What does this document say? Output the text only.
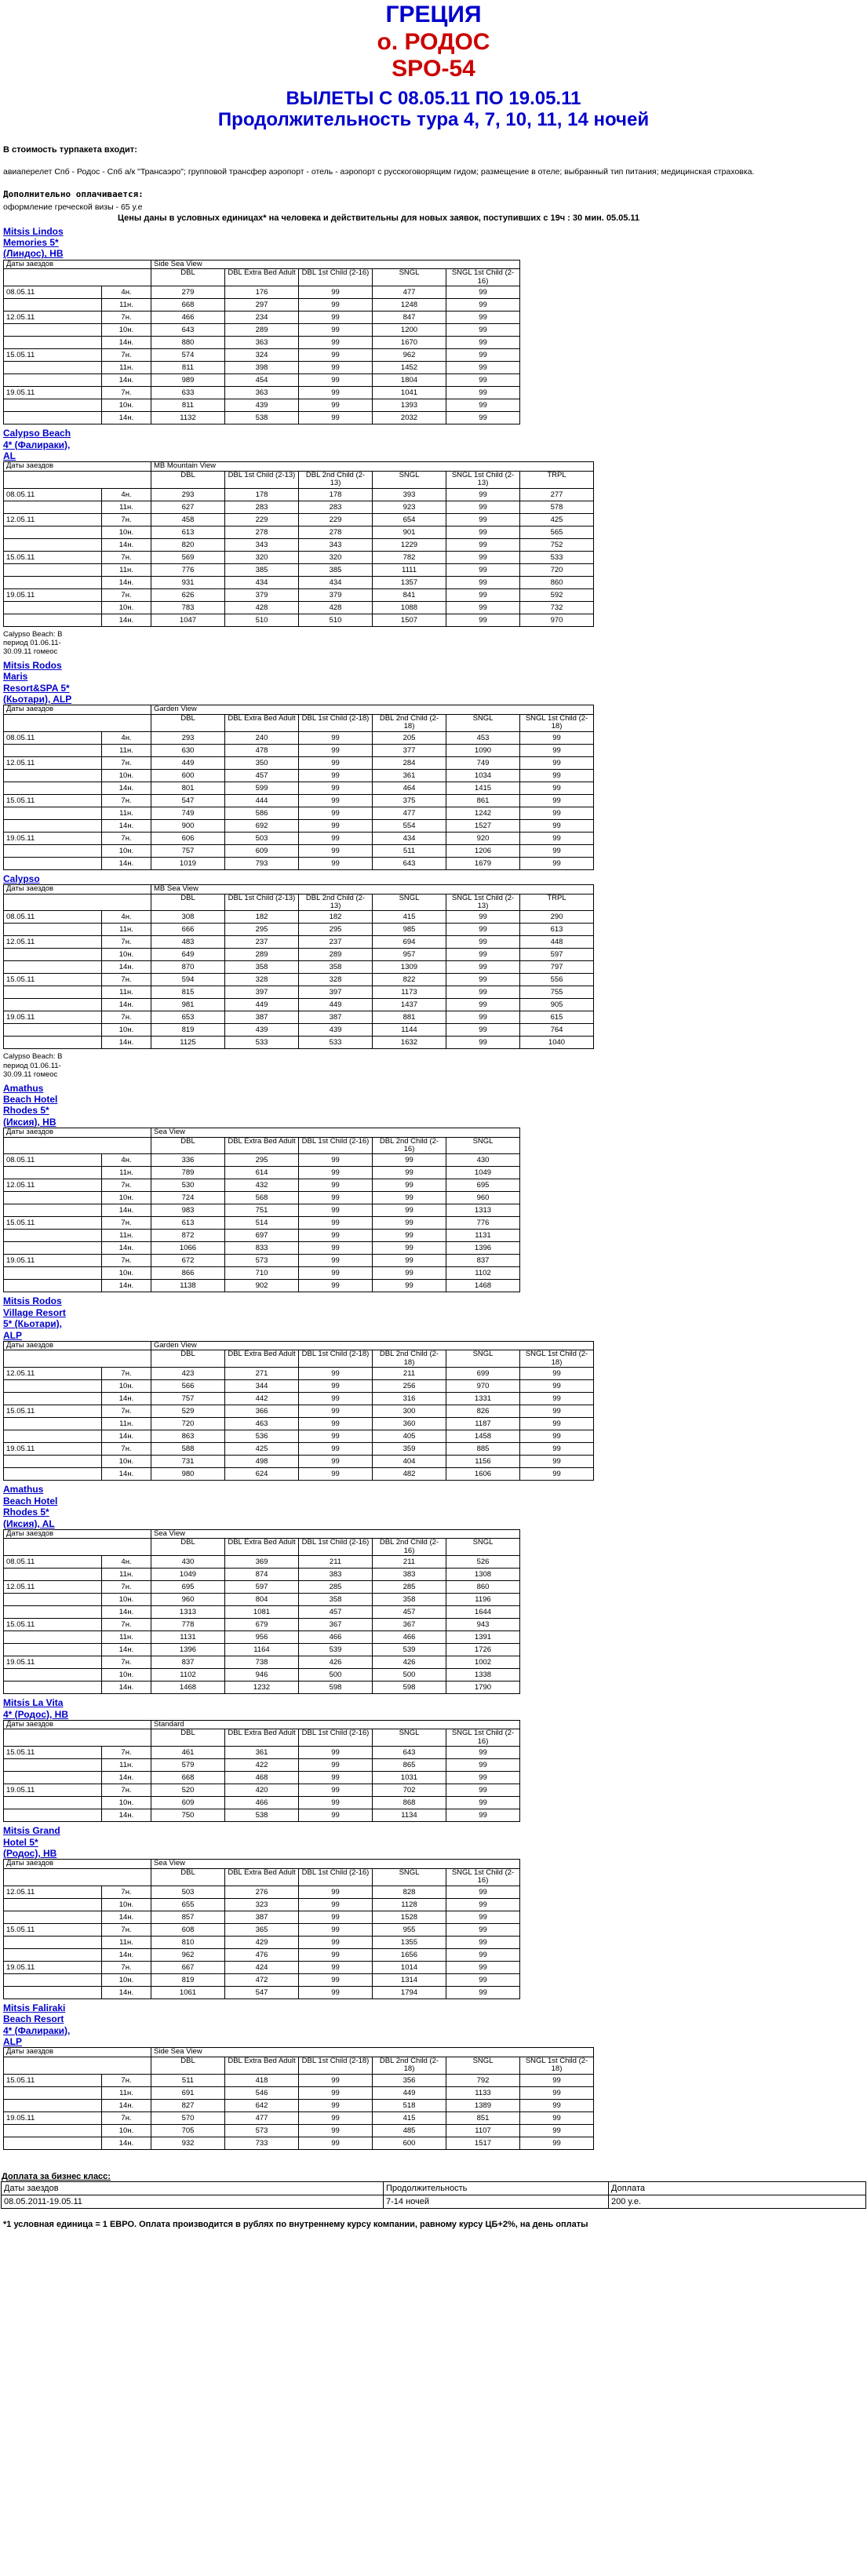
ГРЕЦИЯ
о. РОДОС
SPO-54
ВЫЛЕТЫ С 08.05.11 ПО 19.05.11
Продолжительность тура 4, 7, 10, 11, 14 ночей
В стоимость турпакета входит:
авиаперелет Спб - Родос - Спб а/к "Трансаэро"; групповой трансфер аэропорт - отель - аэропорт с русскоговорящим гидом; размещение в отеле; выбранный тип питания; медицинская страховка.
Дополнительно оплачивается:
оформление греческой визы - 65 у.е
Цены даны в условных единицах* на человека и действительны для новых заявок, поступивших с 19ч : 30 мин. 05.05.11
Mitsis Lindos Memories 5* (Линдос), HB
Даты заездов		Side Sea View				
		DBL	DBL Extra Bed Adult	DBL 1st Child (2-16)	SNGL	SNGL 1st Child (2-16)
08.05.11	4н.	279	176	99	477	99
	11н.	668	297	99	1248	99
12.05.11	7н.	466	234	99	847	99
	10н.	643	289	99	1200	99
	14н.	880	363	99	1670	99
15.05.11	7н.	574	324	99	962	99
	11н.	811	398	99	1452	99
	14н.	989	454	99	1804	99
19.05.11	7н.	633	363	99	1041	99
	10н.	811	439	99	1393	99
	14н.	1132	538	99	2032	99
Calypso Beach 4* (Фалираки), AL
Даты заездов		MB Mountain View					
		DBL	DBL 1st Child (2-13)	DBL 2nd Child (2-13)	SNGL	SNGL 1st Child (2-13)	TRPL
08.05.11	4н.	293	178	178	393	99	277
	11н.	627	283	283	923	99	578
12.05.11	7н.	458	229	229	654	99	425
	10н.	613	278	278	901	99	565
	14н.	820	343	343	1229	99	752
15.05.11	7н.	569	320	320	782	99	533
	11н.	776	385	385	1111	99	720
	14н.	931	434	434	1357	99	860
19.05.11	7н.	626	379	379	841	99	592
	10н.	783	428	428	1088	99	732
	14н.	1047	510	510	1507	99	970
Calypso Beach: В период 01.06.11-30.09.11 гомеос
Mitsis Rodos Maris Resort&SPA 5* (Кьотари), ALP
Даты заездов		Garden View					
		DBL	DBL Extra Bed Adult	DBL 1st Child (2-18)	DBL 2nd Child (2-18)	SNGL	SNGL 1st Child (2-18)
08.05.11	4н.	293	240	99	205	453	99
	11н.	630	478	99	377	1090	99
12.05.11	7н.	449	350	99	284	749	99
	10н.	600	457	99	361	1034	99
	14н.	801	599	99	464	1415	99
15.05.11	7н.	547	444	99	375	861	99
	11н.	749	586	99	477	1242	99
	14н.	900	692	99	554	1527	99
19.05.11	7н.	606	503	99	434	920	99
	10н.	757	609	99	511	1206	99
	14н.	1019	793	99	643	1679	99
Calypso
Даты заездов		MB Sea View					
		DBL	DBL 1st Child (2-13)	DBL 2nd Child (2-13)	SNGL	SNGL 1st Child (2-13)	TRPL
08.05.11	4н.	308	182	182	415	99	290
	11н.	666	295	295	985	99	613
12.05.11	7н.	483	237	237	694	99	448
	10н.	649	289	289	957	99	597
	14н.	870	358	358	1309	99	797
15.05.11	7н.	594	328	328	822	99	556
	11н.	815	397	397	1173	99	755
	14н.	981	449	449	1437	99	905
19.05.11	7н.	653	387	387	881	99	615
	10н.	819	439	439	1144	99	764
	14н.	1125	533	533	1632	99	1040
Calypso Beach: В период 01.06.11-30.09.11 гомеос
Amathus Beach Hotel Rhodes 5* (Иксия), HB
Даты заездов		Sea View				
		DBL	DBL Extra Bed Adult	DBL 1st Child (2-16)	DBL 2nd Child (2-16)	SNGL
08.05.11	4н.	336	295	99	99	430
	11н.	789	614	99	99	1049
12.05.11	7н.	530	432	99	99	695
	10н.	724	568	99	99	960
	14н.	983	751	99	99	1313
15.05.11	7н.	613	514	99	99	776
	11н.	872	697	99	99	1131
	14н.	1066	833	99	99	1396
19.05.11	7н.	672	573	99	99	837
	10н.	866	710	99	99	1102
	14н.	1138	902	99	99	1468
Mitsis Rodos Village Resort 5* (Кьотари), ALP
Даты заездов		Garden View					
		DBL	DBL Extra Bed Adult	DBL 1st Child (2-18)	DBL 2nd Child (2-18)	SNGL	SNGL 1st Child (2-18)
12.05.11	7н.	423	271	99	211	699	99
	10н.	566	344	99	256	970	99
	14н.	757	442	99	316	1331	99
15.05.11	7н.	529	366	99	300	826	99
	11н.	720	463	99	360	1187	99
	14н.	863	536	99	405	1458	99
19.05.11	7н.	588	425	99	359	885	99
	10н.	731	498	99	404	1156	99
	14н.	980	624	99	482	1606	99
Amathus Beach Hotel Rhodes 5* (Иксия), AL
Даты заездов		Sea View				
		DBL	DBL Extra Bed Adult	DBL 1st Child (2-16)	DBL 2nd Child (2-16)	SNGL
08.05.11	4н.	430	369	211	211	526
	11н.	1049	874	383	383	1308
12.05.11	7н.	695	597	285	285	860
	10н.	960	804	358	358	1196
	14н.	1313	1081	457	457	1644
15.05.11	7н.	778	679	367	367	943
	11н.	1131	956	466	466	1391
	14н.	1396	1164	539	539	1726
19.05.11	7н.	837	738	426	426	1002
	10н.	1102	946	500	500	1338
	14н.	1468	1232	598	598	1790
Mitsis La Vita 4* (Родос), HB
Даты заездов		Standard				
		DBL	DBL Extra Bed Adult	DBL 1st Child (2-16)	SNGL	SNGL 1st Child (2-16)
15.05.11	7н.	461	361	99	643	99
	11н.	579	422	99	865	99
	14н.	668	468	99	1031	99
19.05.11	7н.	520	420	99	702	99
	10н.	609	466	99	868	99
	14н.	750	538	99	1134	99
Mitsis Grand Hotel 5* (Родос), HB
Даты заездов		Sea View				
		DBL	DBL Extra Bed Adult	DBL 1st Child (2-16)	SNGL	SNGL 1st Child (2-16)
12.05.11	7н.	503	276	99	828	99
	10н.	655	323	99	1128	99
	14н.	857	387	99	1528	99
15.05.11	7н.	608	365	99	955	99
	11н.	810	429	99	1355	99
	14н.	962	476	99	1656	99
19.05.11	7н.	667	424	99	1014	99
	10н.	819	472	99	1314	99
	14н.	1061	547	99	1794	99
Mitsis Faliraki Beach Resort 4* (Фалираки), ALP
Даты заездов		Side Sea View					
		DBL	DBL Extra Bed Adult	DBL 1st Child (2-18)	DBL 2nd Child (2-18)	SNGL	SNGL 1st Child (2-18)
15.05.11	7н.	511	418	99	356	792	99
	11н.	691	546	99	449	1133	99
	14н.	827	642	99	518	1389	99
19.05.11	7н.	570	477	99	415	851	99
	10н.	705	573	99	485	1107	99
	14н.	932	733	99	600	1517	99
Доплата за бизнес класс:
Даты заездов	Продолжительность	Доплата
08.05.2011-19.05.11	7-14 ночей	200 у.е.
*1 условная единица = 1 ЕВРО. Оплата производится в рублях по внутреннему курсу компании, равному курсу ЦБ+2%, на день оплаты
